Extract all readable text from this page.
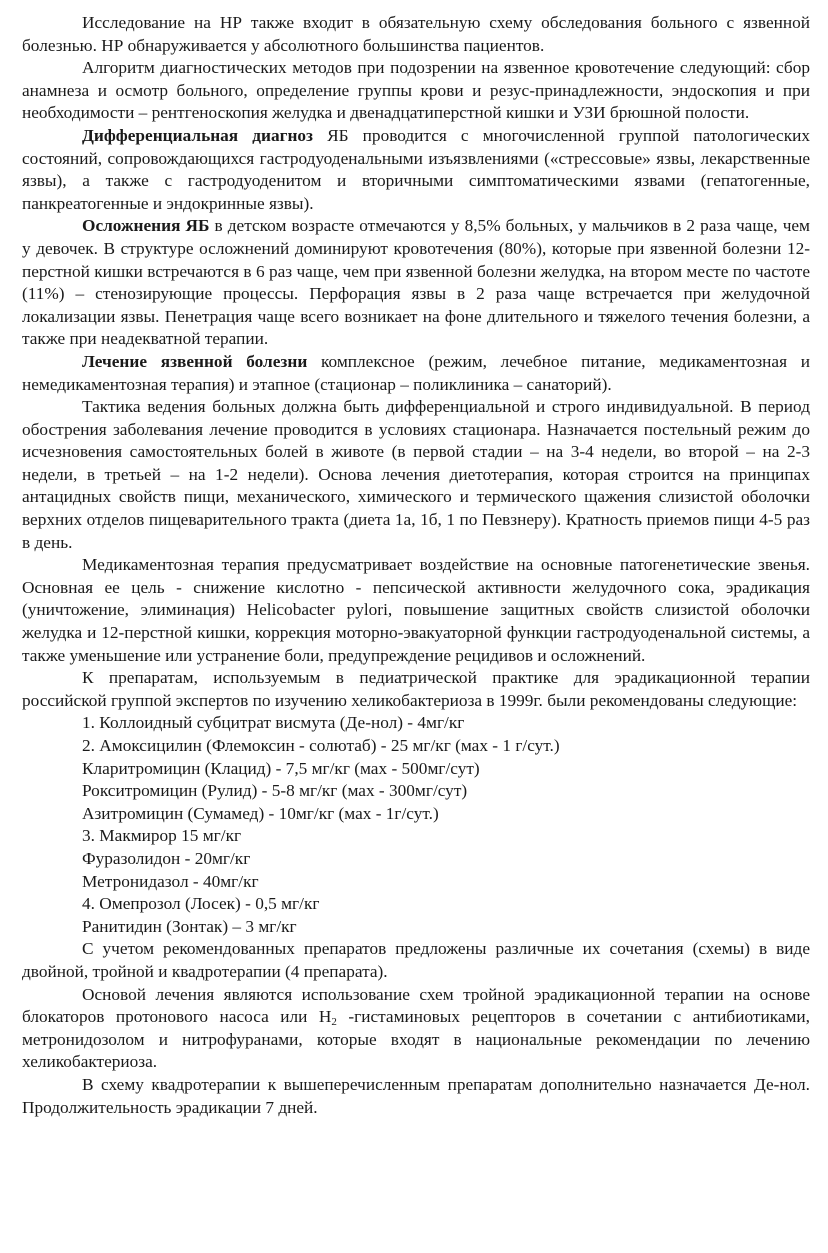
Исследование на НР также входит в обязательную схему обследования больного с язвенной болезнью. НР обнаруживается у абсолютного большинства пациентов.

Алгоритм диагностических методов при подозрении на язвенное кровотечение следующий: сбор анамнеза и осмотр больного, определение группы крови и резус-принадлежности, эндоскопия и при необходимости – рентгеноскопия желудка и двенадцатиперстной кишки и УЗИ брюшной полости.

Дифференциальная диагноз ЯБ проводится с многочисленной группой патологических состояний, сопровождающихся гастродуоденальными изъязвлениями («стрессовые» язвы, лекарственные язвы), а также с гастродуоденитом и вторичными симптоматическими язвами (гепатогенные, панкреатогенные и эндокринные язвы).

Осложнения ЯБ в детском возрасте отмечаются у 8,5% больных, у мальчиков в 2 раза чаще, чем у девочек. В структуре осложнений доминируют кровотечения (80%), которые при язвенной болезни 12-перстной кишки встречаются в 6 раз чаще, чем при язвенной болезни желудка, на втором месте по частоте (11%) – стенозирующие процессы. Перфорация язвы в 2 раза чаще встречается при желудочной локализации язвы. Пенетрация чаще всего возникает на фоне длительного и тяжелого течения болезни, а также при неадекватной терапии.

Лечение язвенной болезни комплексное (режим, лечебное питание, медикаментозная и немедикаментозная терапия) и этапное (стационар – поликлиника – санаторий).

Тактика ведения больных должна быть дифференциальной и строго индивидуальной. В период обострения заболевания лечение проводится в условиях стационара. Назначается постельный режим до исчезновения самостоятельных болей в животе (в первой стадии – на 3-4 недели, во второй – на 2-3 недели, в третьей – на 1-2 недели). Основа лечения диетотерапия, которая строится на принципах антацидных свойств пищи, механического, химического и термического щажения слизистой оболочки верхних отделов пищеварительного тракта (диета 1а, 1б, 1 по Певзнеру). Кратность приемов пищи 4-5 раз в день.

Медикаментозная терапия предусматривает воздействие на основные патогенетические звенья. Основная ее цель - снижение кислотно - пепсической активности желудочного сока, эрадикация (уничтожение, элиминация) Helicobacter pylori, повышение защитных свойств слизистой оболочки желудка и 12-перстной кишки, коррекция моторно-эвакуаторной функции гастродуоденальной системы, а также уменьшение или устранение боли, предупреждение рецидивов и осложнений.

К препаратам, используемым в педиатрической практике для эрадикационной терапии российской группой экспертов по изучению хеликобактериоза в 1999г. были рекомендованы следующие:

1. Коллоидный субцитрат висмута (Де-нол) - 4мг/кг
2. Амоксицилин (Флемоксин - солютаб) - 25 мг/кг (мах - 1 г/сут.)
Кларитромицин (Клацид) - 7,5 мг/кг (мах - 500мг/сут)
Рокситромицин (Рулид) - 5-8 мг/кг (мах - 300мг/сут)
Азитромицин (Сумамед) - 10мг/кг (мах - 1г/сут.)
3. Макмирор 15 мг/кг
Фуразолидон - 20мг/кг
Метронидазол - 40мг/кг
4. Омепрозол (Лосек) - 0,5 мг/кг
Ранитидин (Зонтак) – 3 мг/кг

С учетом рекомендованных препаратов предложены различные их сочетания (схемы) в виде двойной, тройной и квадротерапии (4 препарата).

Основой лечения являются использование схем тройной эрадикационной терапии на основе блокаторов протонового насоса или $Н_2$ -гистаминовых рецепторов в сочетании с антибиотиками, метронидозолом и нитрофуранами, которые входят в национальные рекомендации по лечению хеликобактериоза.

В схему квадротерапии к вышеперечисленным препаратам дополнительно назначается Де-нол. Продолжительность эрадикации 7 дней.
